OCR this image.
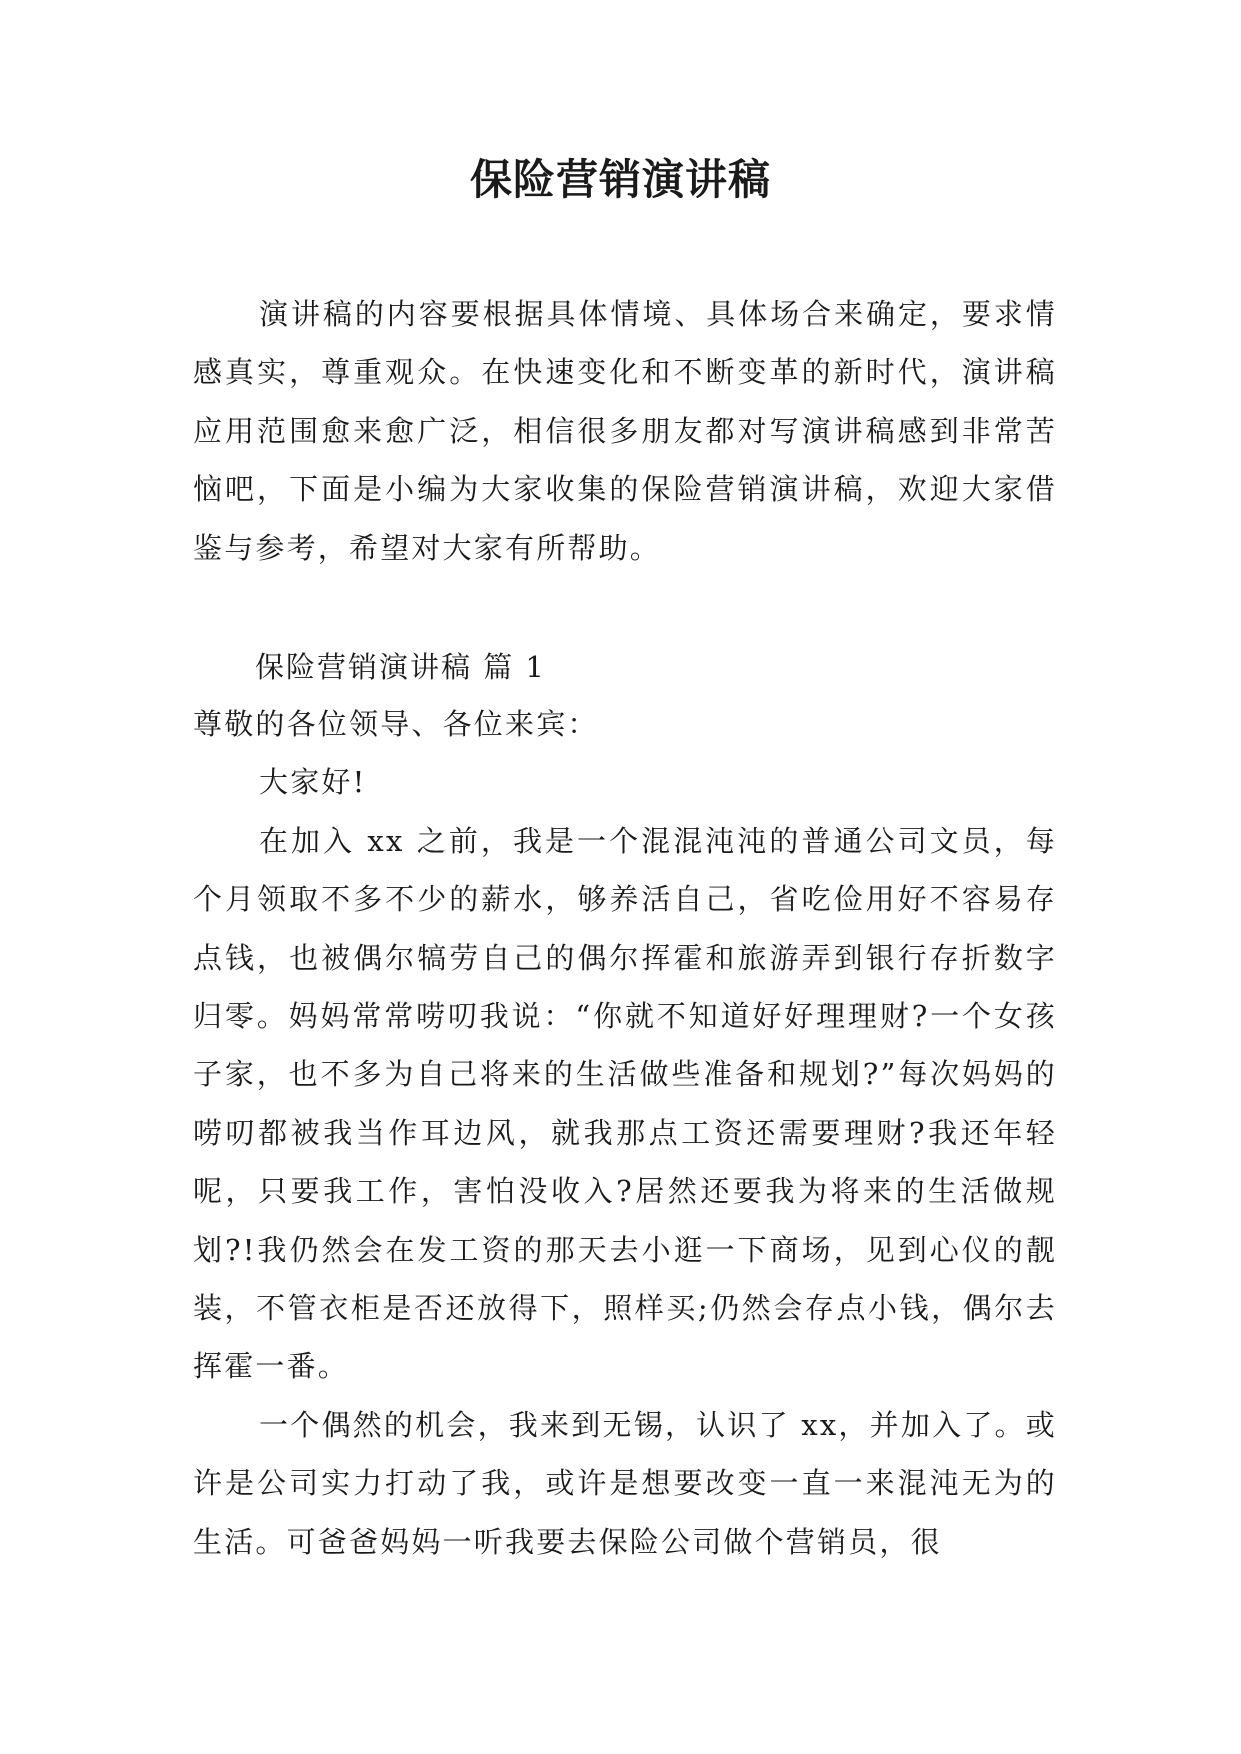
保险营销演讲稿

演讲稿的内容要根据具体情境、具体场合来确定，要求情感真实，尊重观众。在快速变化和不断变革的新时代，演讲稿应用范围愈来愈广泛，相信很多朋友都对写演讲稿感到非常苦恼吧，下面是小编为大家收集的保险营销演讲稿，欢迎大家借鉴与参考，希望对大家有所帮助。

保险营销演讲稿 篇 1

尊敬的各位领导、各位来宾：

大家好!

在加入 xx 之前，我是一个混混沌沌的普通公司文员，每个月领取不多不少的薪水，够养活自己，省吃俭用好不容易存点钱，也被偶尔犒劳自己的偶尔挥霍和旅游弄到银行存折数字归零。妈妈常常唠叨我说：“你就不知道好好理理财?一个女孩子家，也不多为自己将来的生活做些准备和规划?”每次妈妈的唠叨都被我当作耳边风，就我那点工资还需要理财?我还年轻呢，只要我工作，害怕没收入?居然还要我为将来的生活做规划?!我仍然会在发工资的那天去小逛一下商场，见到心仪的靓装，不管衣柜是否还放得下，照样买;仍然会存点小钱，偶尔去挥霍一番。

一个偶然的机会，我来到无锡，认识了 xx，并加入了。或许是公司实力打动了我，或许是想要改变一直一来混沌无为的生活。可爸爸妈妈一听我要去保险公司做个营销员，很
